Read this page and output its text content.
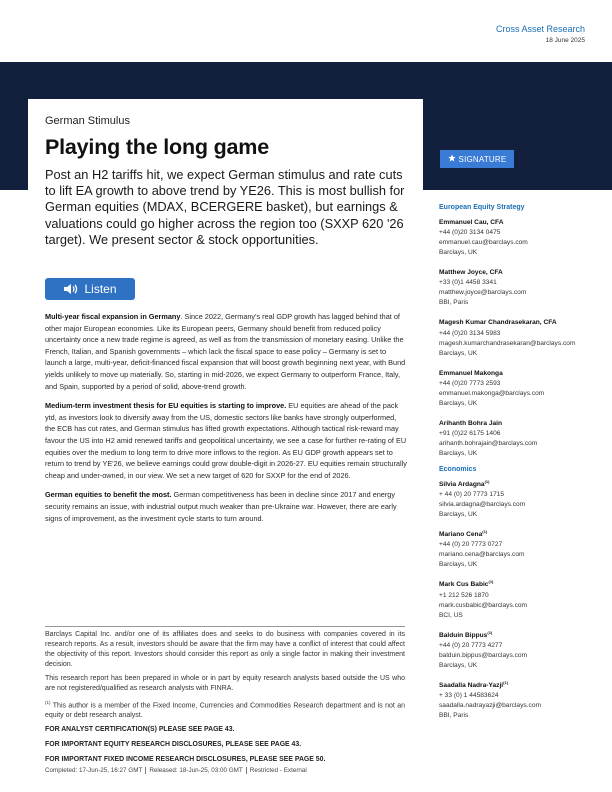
Cross Asset Research
18 June 2025
German Stimulus
Playing the long game
Post an H2 tariffs hit, we expect German stimulus and rate cuts to lift EA growth to above trend by YE26. This is most bullish for German equities (MDAX, BCERGERE basket), but earnings & valuations could go higher across the region too (SXXP 620 '26 target). We present sector & stock opportunities.
Listen

Multi-year fiscal expansion in Germany. Since 2022, Germany's real GDP growth has lagged behind that of other major European economies. Like its European peers, Germany should benefit from reduced policy uncertainty once a new trade regime is agreed, as well as from the transmission of monetary easing. Unlike the French, Italian, and Spanish governments – which lack the fiscal space to ease policy – Germany is set to launch a large, multi-year, deficit-financed fiscal expansion that will boost growth beginning next year, with Bund yields unlikely to move up materially. So, starting in mid-2026, we expect Germany to outperform France, Italy, and Spain, supported by a period of solid, above-trend growth.

Medium-term investment thesis for EU equities is starting to improve. EU equities are ahead of the pack ytd, as investors look to diversify away from the US, domestic sectors like banks have strongly outperformed, the ECB has cut rates, and German stimulus has lifted growth expectations. Although tactical risk-reward may favour the US into H2 amid renewed tariffs and geopolitical uncertainty, we see a case for further re-rating of EU equities over the medium to long term to drive more inflows to the region. As EU GDP growth appears set to return to trend by YE'26, we believe earnings could grow double-digit in 2026-27. EU equities remain structurally cheap and under-owned, in our view. We set a new target of 620 for SXXP for the end of 2026.

German equities to benefit the most. German competitiveness has been in decline since 2017 and energy security remains an issue, with industrial output much weaker than pre-Ukraine war. However, there are early signs of improvement, as the investment cycle starts to turn around.

Barclays Capital Inc. and/or one of its affiliates does and seeks to do business with companies covered in its research reports. As a result, investors should be aware that the firm may have a conflict of interest that could affect the objectivity of this report. Investors should consider this report as only a single factor in making their investment decision.

This research report has been prepared in whole or in part by equity research analysts based outside the US who are not registered/qualified as research analysts with FINRA.

$^{(1)}$ This author is a member of the Fixed Income, Currencies and Commodities Research department and is not an equity or debt research analyst.

FOR ANALYST CERTIFICATION(S) PLEASE SEE PAGE 43.

FOR IMPORTANT EQUITY RESEARCH DISCLOSURES, PLEASE SEE PAGE 43.

FOR IMPORTANT FIXED INCOME RESEARCH DISCLOSURES, PLEASE SEE PAGE 50.

Completed: 17-Jun-25, 16:27 GMT	Released: 18-Jun-25, 03:00 GMT	Restricted - External
SIGNATURE
European Equity Strategy
Emmanuel Cau, CFA
+44 (0)20 3134 0475
emmanuel.cau@barclays.com
Barclays, UK
Matthew Joyce, CFA
+33 (0)1 4458 3341
matthew.joyce@barclays.com
BBI, Paris
Magesh Kumar Chandrasekaran, CFA
+44 (0)20 3134 5983
magesh.kumarchandrasekaran@barclays.com
Barclays, UK
Emmanuel Makonga
+44 (0)20 7773 2593
emmanuel.makonga@barclays.com
Barclays, UK
Arihanth Bohra Jain
+91 (0)22 6175 1406
arihanth.bohrajain@barclays.com
Barclays, UK
Economics
Silvia Ardagna$^{(1)}$
+ 44 (0) 20 7773 1715
silvia.ardagna@barclays.com
Barclays, UK
Mariano Cena$^{(1)}$
+44 (0) 20 7773 0727
mariano.cena@barclays.com
Barclays, UK
Mark Cus Babic$^{(1)}$
+1 212 526 1870
mark.cusbabic@barclays.com
BCI, US
Balduin Bippus$^{(1)}$
+44 (0) 20 7773 4277
balduin.bippus@barclays.com
Barclays, UK
Saadalla Nadra-Yazji$^{(1)}$
+ 33 (0) 1 44583624
saadalla.nadrayazji@barclays.com
BBI, Paris
